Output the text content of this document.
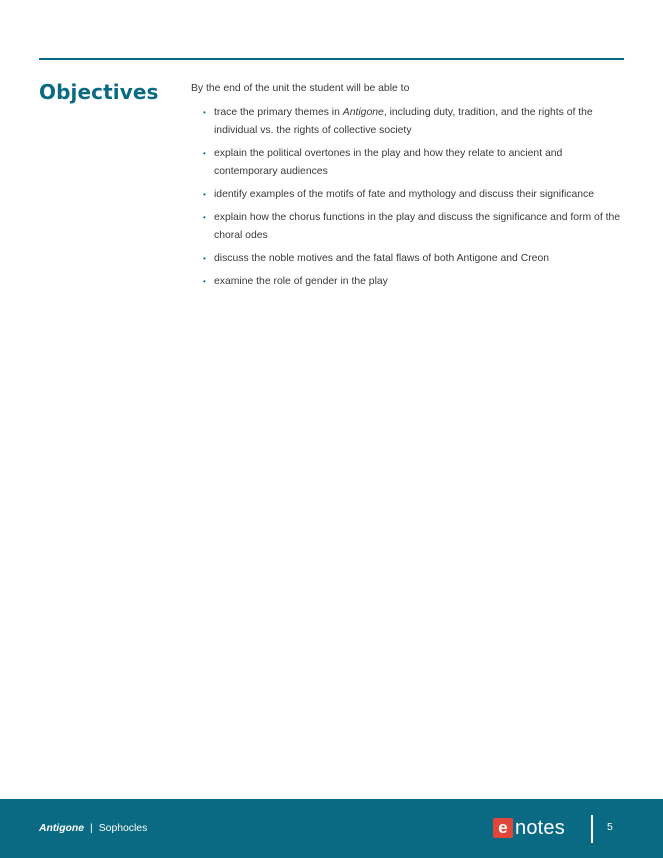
Objectives	By the end of the unit the student will be able to
• trace the primary themes in Antigone, including duty, tradition, and the rights of the individual vs. the rights of collective society
• explain the political overtones in the play and how they relate to ancient and contemporary audiences
• identify examples of the motifs of fate and mythology and discuss their significance
• explain how the chorus functions in the play and discuss the significance and form of the choral odes
• discuss the noble motives and the fatal flaws of both Antigone and Creon
• examine the role of gender in the play
Antigone | Sophocles	e notes	5
